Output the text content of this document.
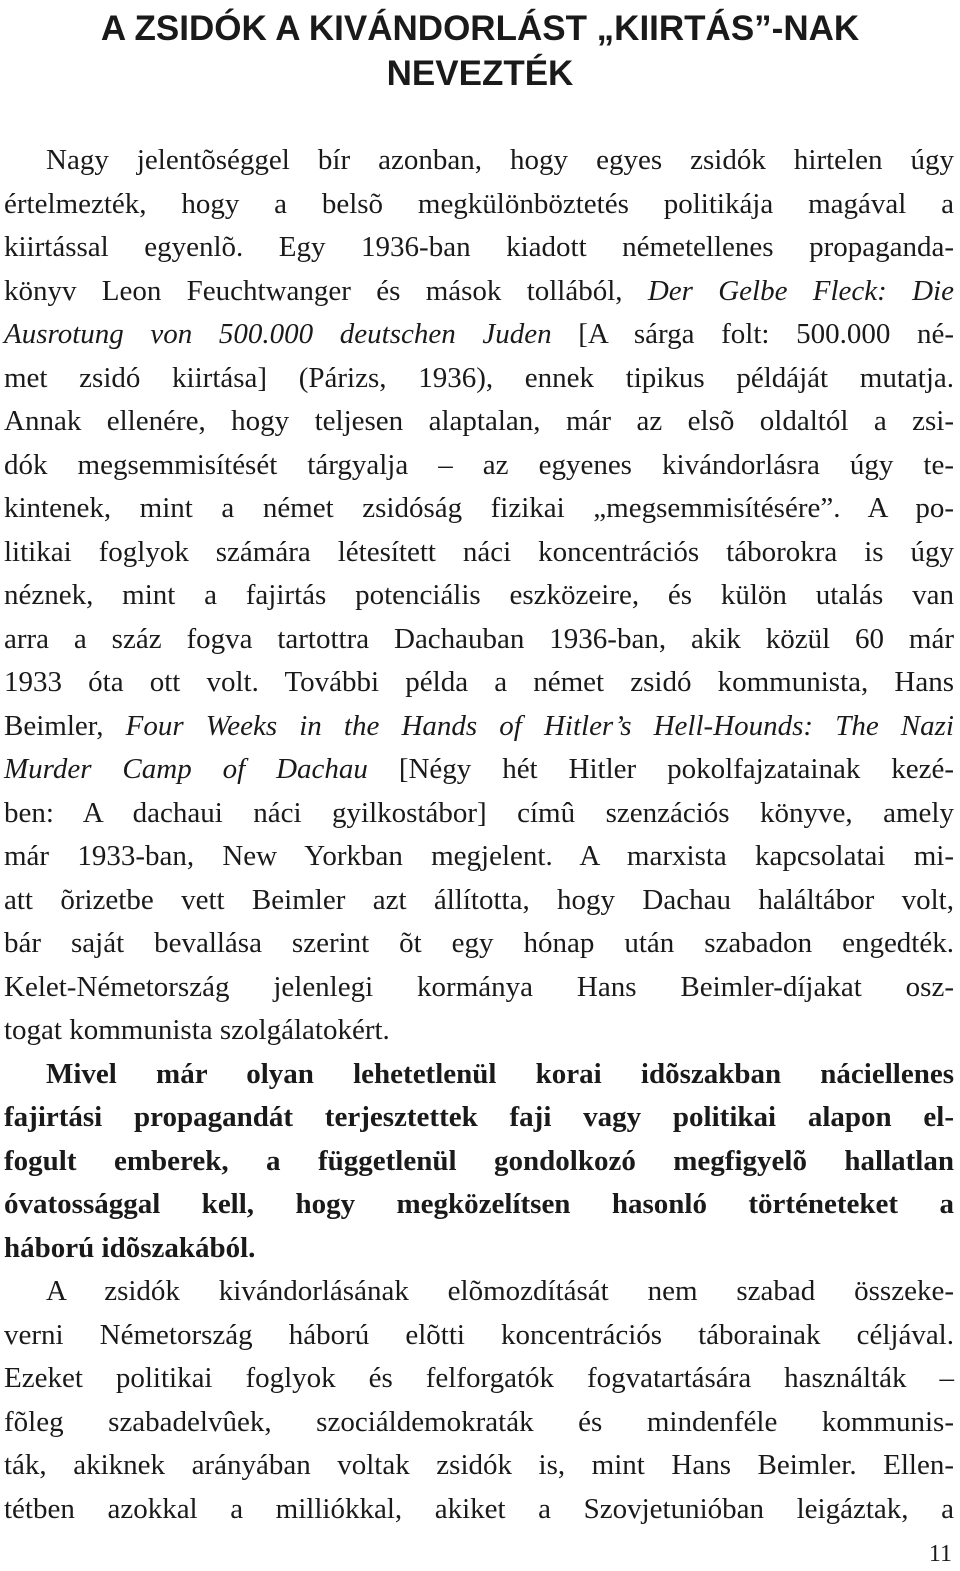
A ZSIDÓK A KIVÁNDORLÁST „KIIRTÁS”-NAK
NEVEZTÉK
Nagy jelentõséggel bír azonban, hogy egyes zsidók hirtelen úgy
értelmezték, hogy a belsõ megkülönböztetés politikája magával a
kiirtással egyenlõ. Egy 1936-ban kiadott németellenes propaganda-
könyv Leon Feuchtwanger és mások tollából, Der Gelbe Fleck: Die
Ausrotung von 500.000 deutschen Juden [A sárga folt: 500.000 né-
met zsidó kiirtása] (Párizs, 1936), ennek tipikus példáját mutatja.
Annak ellenére, hogy teljesen alaptalan, már az elsõ oldaltól a zsi-
dók megsemmisítését tárgyalja – az egyenes kivándorlásra úgy te-
kintenek, mint a német zsidóság fizikai „megsemmisítésére”. A po-
litikai foglyok számára létesített náci koncentrációs táborokra is úgy
néznek, mint a fajirtás potenciális eszközeire, és külön utalás van
arra a száz fogva tartottra Dachauban 1936-ban, akik közül 60 már
1933 óta ott volt. További példa a német zsidó kommunista, Hans
Beimler, Four Weeks in the Hands of Hitler’s Hell-Hounds: The Nazi
Murder Camp of Dachau [Négy hét Hitler pokolfajzatainak kezé-
ben: A dachaui náci gyilkostábor] címû szenzációs könyve, amely
már 1933-ban, New Yorkban megjelent. A marxista kapcsolatai mi-
att õrizetbe vett Beimler azt állította, hogy Dachau haláltábor volt,
bár saját bevallása szerint õt egy hónap után szabadon engedték.
Kelet-Németország jelenlegi kormánya Hans Beimler-díjakat osz-
togat kommunista szolgálatokért.
Mivel már olyan lehetetlenül korai idõszakban náciellenes
fajirtási propagandát terjesztettek faji vagy politikai alapon el-
fogult emberek, a függetlenül gondolkozó megfigyelõ hallatlan
óvatossággal kell, hogy megközelítsen hasonló történeteket a
háború idõszakából.
A zsidók kivándorlásának elõmozdítását nem szabad összeke-
verni Németország háború elõtti koncentrációs táborainak céljával.
Ezeket politikai foglyok és felforgatók fogvatartására használták –
fõleg szabadelvûek, szociáldemokraták és mindenféle kommunis-
ták, akiknek arányában voltak zsidók is, mint Hans Beimler. Ellen-
tétben azokkal a milliókkal, akiket a Szovjetunióban leigáztak, a
11
